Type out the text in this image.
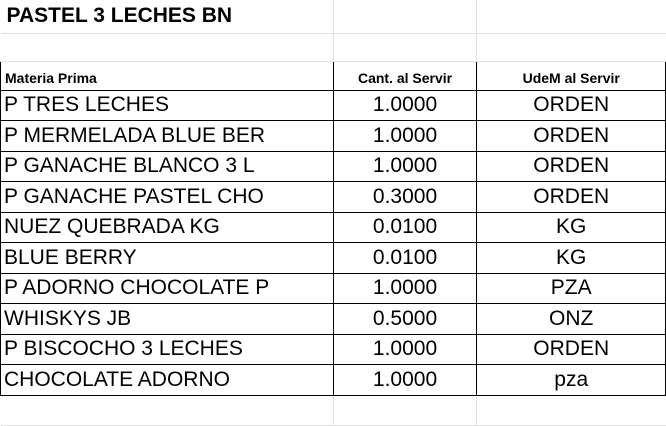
PASTEL 3 LECHES BN		

Materia Prima	Cant. al Servir	UdeM al Servir
P TRES LECHES	1.0000	ORDEN
P MERMELADA BLUE BER	1.0000	ORDEN
P GANACHE BLANCO 3 L	1.0000	ORDEN
P GANACHE PASTEL CHO	0.3000	ORDEN
NUEZ QUEBRADA KG	0.0100	KG
BLUE BERRY	0.0100	KG
P ADORNO CHOCOLATE P	1.0000	PZA
WHISKYS JB	0.5000	ONZ
P BISCOCHO 3 LECHES	1.0000	ORDEN
CHOCOLATE ADORNO	1.0000	pza
